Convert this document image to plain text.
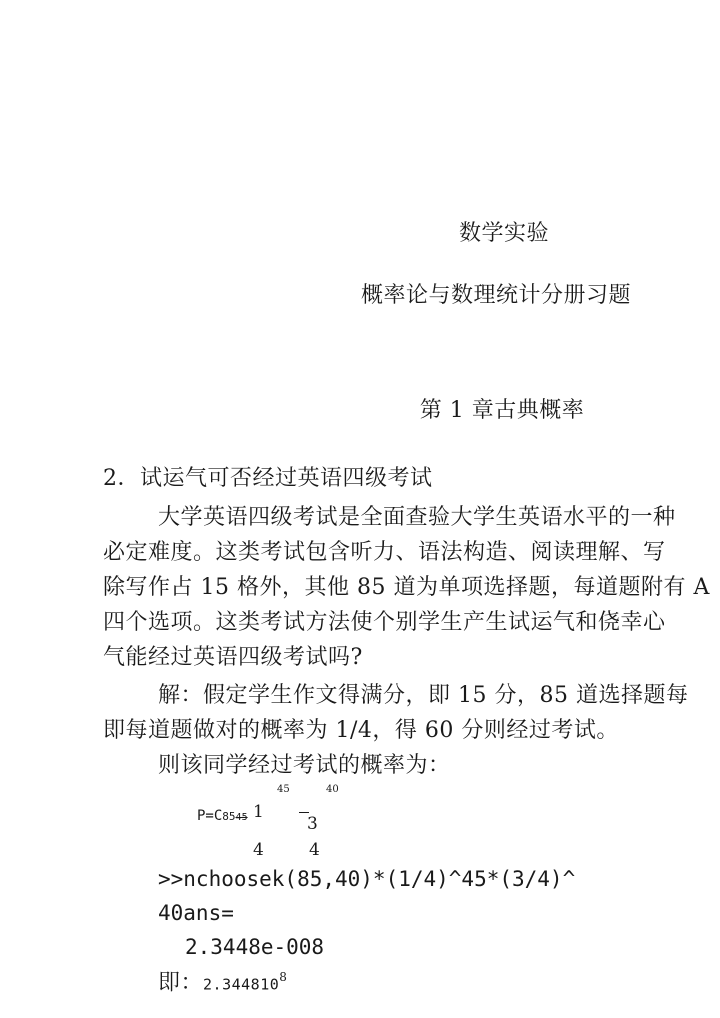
数学实验
概率论与数理统计分册习题
第 1 章古典概率
2．试运气可否经过英语四级考试
大学英语四级考试是全面查验大学生英语水平的一种
必定难度。这类考试包含听力、语法构造、阅读理解、写
除写作占 15 格外，其他 85 道为单项选择题，每道题附有 A
四个选项。这类考试方法使个别学生产生试运气和侥幸心
气能经过英语四级考试吗?
解：假定学生作文得满分，即 15 分，85 道选择题每
即每道题做对的概率为 1/4，得 60 分则经过考试。
则该同学经过考试的概率为：
45	40
P=C8545 1
3
4	4
>>nchoosek(85,40)*(1/4)^45*(3/4)^
40ans=
2.3448e-008
即：2.344810$^8$
